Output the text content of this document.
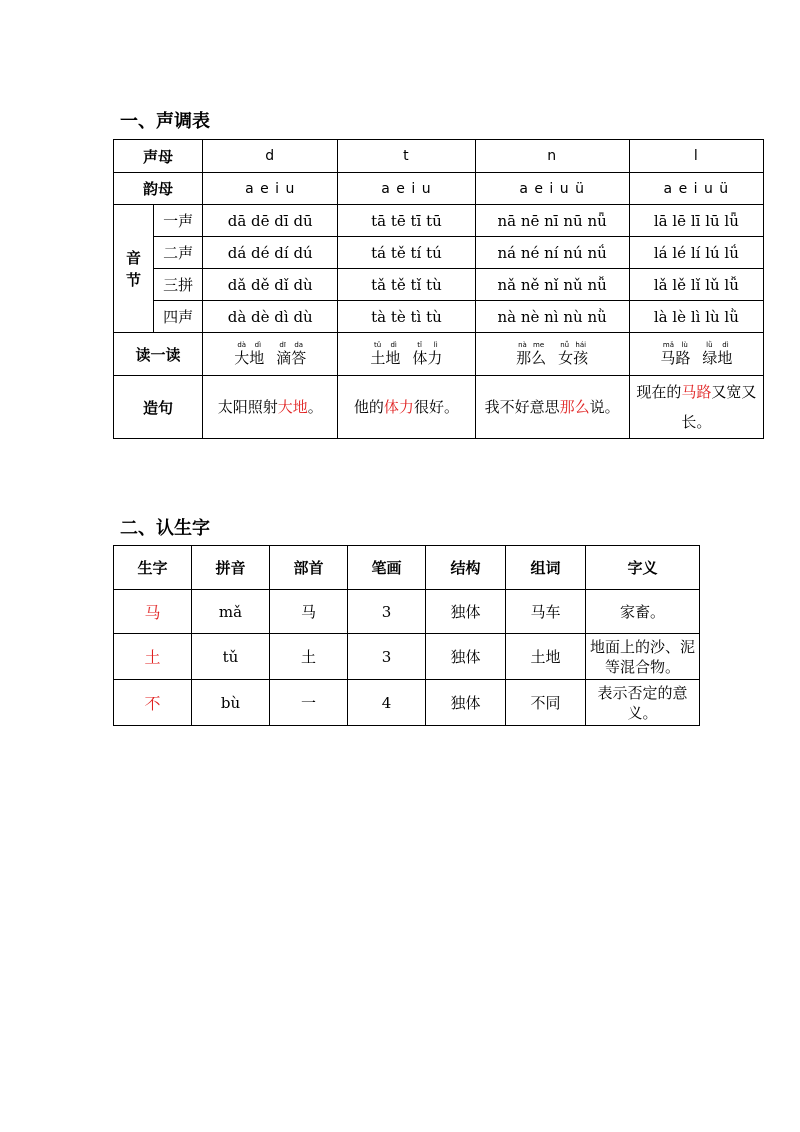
一、声调表
声母		d	t	n	l
韵母		a e i u	a e i u	a e i u ü	a e i u ü
音节	一声	dā dē dī dū	tā tē tī tū	nā nē nī nū nǖ	lā lē lī lū lǖ
	二声	dá dé dí dú	tá tě tí tú	ná né ní nú nǘ	lá lé lí lú lǘ
	三拼	dǎ dě dǐ dù	tǎ tě tǐ tù	nǎ ně nǐ nǔ nǚ	lǎ lě lǐ lǔ lǚ
	四声	dà dè dì dù	tà tè tì tù	nà nè nì nù nǜ	là lè lì lù lǜ
读一读		大地dà dì滴答dī da	土地tǔ dì体力tǐ lì	那么nà me女孩nǚ hái	马路mǎ lù绿地lǜ dì
造句		太阳照射大地。	他的体力很好。	我不好意思那么说。	现在的马路又宽又长。
二、认生字
生字	拼音	部首	笔画	结构	组词	字义
马	mǎ	马	3	独体	马车	家畜。
土	tǔ	土	3	独体	土地	地面上的沙、泥等混合物。
不	bù	一	4	独体	不同	表示否定的意义。
